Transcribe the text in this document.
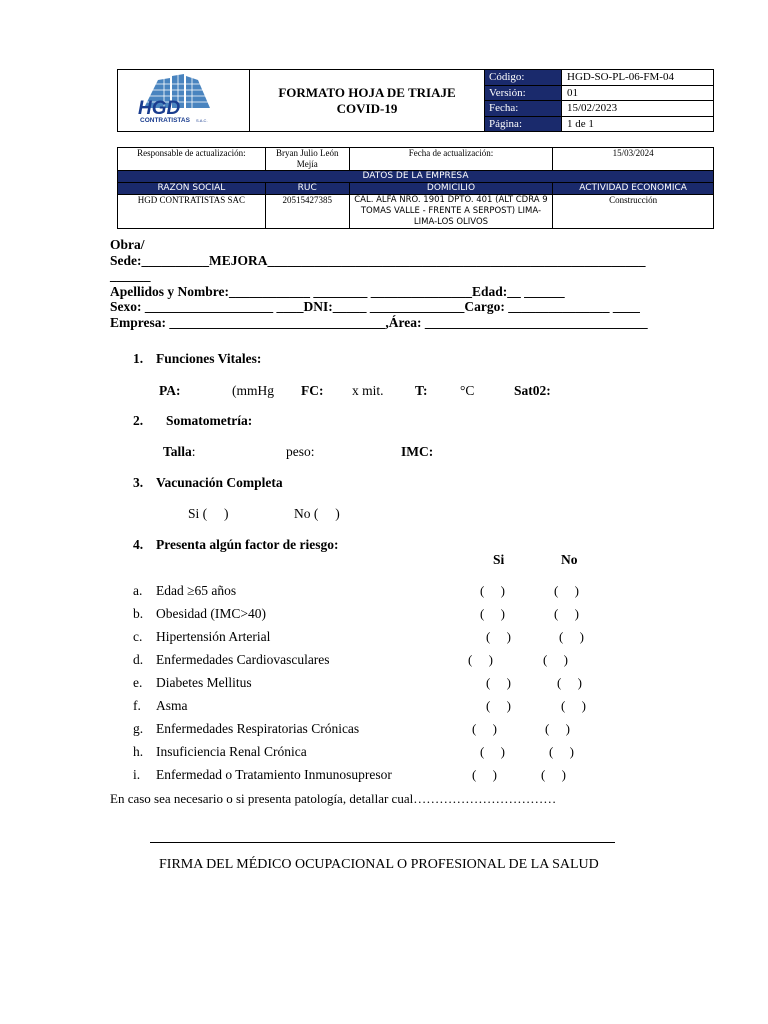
HGD
CONTRATISTAS S.A.C.
FORMATO HOJA DE TRIAJE
COVID-19
Código:	HGD-SO-PL-06-FM-04
Versión:	01
Fecha:	15/02/2023
Página:	1 de 1
Responsable de actualización:	Bryan Julio León Mejía	Fecha de actualización:	15/03/2024
DATOS DE LA EMPRESA			
RAZON SOCIAL	RUC	DOMICILIO	ACTIVIDAD ECONOMICA
HGD CONTRATISTAS SAC	20515427385	CAL. ALFA NRO. 1901 DPTO. 401 (ALT CDRA 9 TOMAS VALLE - FRENTE A SERPOST) LIMA-LIMA-LOS OLIVOS	Construcción
Obra/
Sede:__________MEJORA________________________________________________________
______
Apellidos y Nombre:____________ ________ _______________Edad:__ ______
Sexo: ___________________ ____DNI:_____ ______________Cargo: _______________ ____
Empresa: ________________________________,Área: _________________________________
1. Funciones Vitales:
PA:	(mmHg FC: x mit. T: °C	Sat02:
2. Somatometría:
Talla:	peso:	IMC:
3. Vacunación Completa
Si (     )	No (     )
4. Presenta algún factor de riesgo:
Si	No
a. Edad ≥65 años	(     )	(     )
b. Obesidad (IMC>40)	(     )	(     )
c. Hipertensión Arterial	(     )	(     )
d. Enfermedades Cardiovasculares	(     )	(     )
e. Diabetes Mellitus	(     )	(     )
f. Asma	(     )	(     )
g. Enfermedades Respiratorias Crónicas	(     )	(     )
h. Insuficiencia Renal Crónica	(     )	(     )
i. Enfermedad o Tratamiento Inmunosupresor	(     )	(     )
En caso sea necesario o si presenta patología, detallar cual……………………………
FIRMA DEL MÉDICO OCUPACIONAL O PROFESIONAL DE LA SALUD
